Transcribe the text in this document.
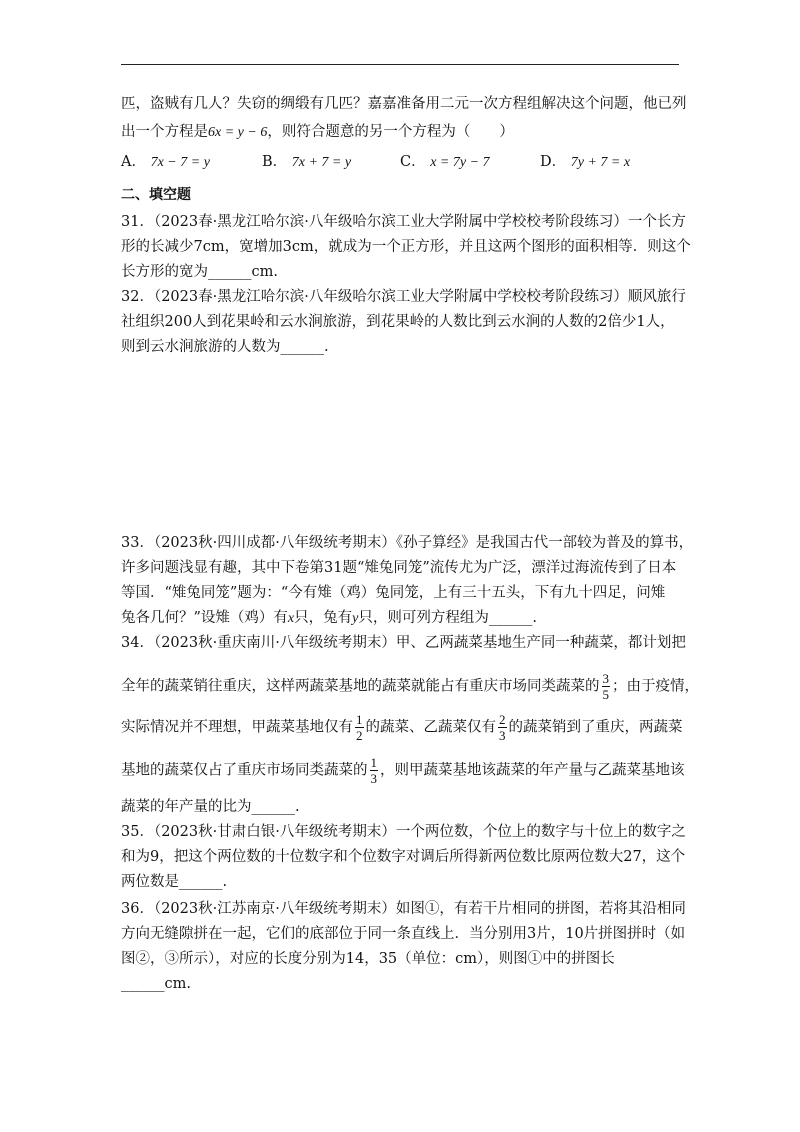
匹，盗贼有几人？失窃的绸缎有几匹？嘉嘉准备用二元一次方程组解决这个问题，他已列
出一个方程是6x = y − 6，则符合题意的另一个方程为（　　）
A． 7x − 7 = y	B． 7x + 7 = y	C． x = 7y − 7	D． 7y + 7 = x
二、填空题
31．（2023春·黑龙江哈尔滨·八年级哈尔滨工业大学附属中学校校考阶段练习）一个长方
形的长减少7cm，宽增加3cm，就成为一个正方形，并且这两个图形的面积相等．则这个
长方形的宽为______cm.
32．（2023春·黑龙江哈尔滨·八年级哈尔滨工业大学附属中学校校考阶段练习）顺风旅行
社组织200人到花果岭和云水涧旅游，到花果岭的人数比到云水涧的人数的2倍少1人，
则到云水涧旅游的人数为______.
33．（2023秋·四川成都·八年级统考期末）《孙子算经》是我国古代一部较为普及的算书，
许多问题浅显有趣，其中下卷第31题“雉兔同笼”流传尤为广泛，漂洋过海流传到了日本
等国．“雉兔同笼”题为：“今有雉（鸡）兔同笼，上有三十五头，下有九十四足，问雉
兔各几何？”设雉（鸡）有x只，兔有y只，则可列方程组为______.
34．（2023秋·重庆南川·八年级统考期末）甲、乙两蔬菜基地生产同一种蔬菜，都计划把
全年的蔬菜销往重庆，这样两蔬菜基地的蔬菜就能占有重庆市场同类蔬菜的 $\frac{3}{5}$ ；由于疫情，
实际情况并不理想，甲蔬菜基地仅有 $\frac{1}{2}$ 的蔬菜、乙蔬菜仅有 $\frac{2}{3}$ 的蔬菜销到了重庆，两蔬菜
基地的蔬菜仅占了重庆市场同类蔬菜的 $\frac{1}{3}$ ，则甲蔬菜基地该蔬菜的年产量与乙蔬菜基地该
蔬菜的年产量的比为______.
35．（2023秋·甘肃白银·八年级统考期末）一个两位数，个位上的数字与十位上的数字之
和为9，把这个两位数的十位数字和个位数字对调后所得新两位数比原两位数大27，这个
两位数是______.
36．（2023秋·江苏南京·八年级统考期末）如图①，有若干片相同的拼图，若将其沿相同
方向无缝隙拼在一起，它们的底部位于同一条直线上．当分别用3片，10片拼图拼时（如
图②，③所示），对应的长度分别为14，35（单位：cm），则图①中的拼图长
______cm.
